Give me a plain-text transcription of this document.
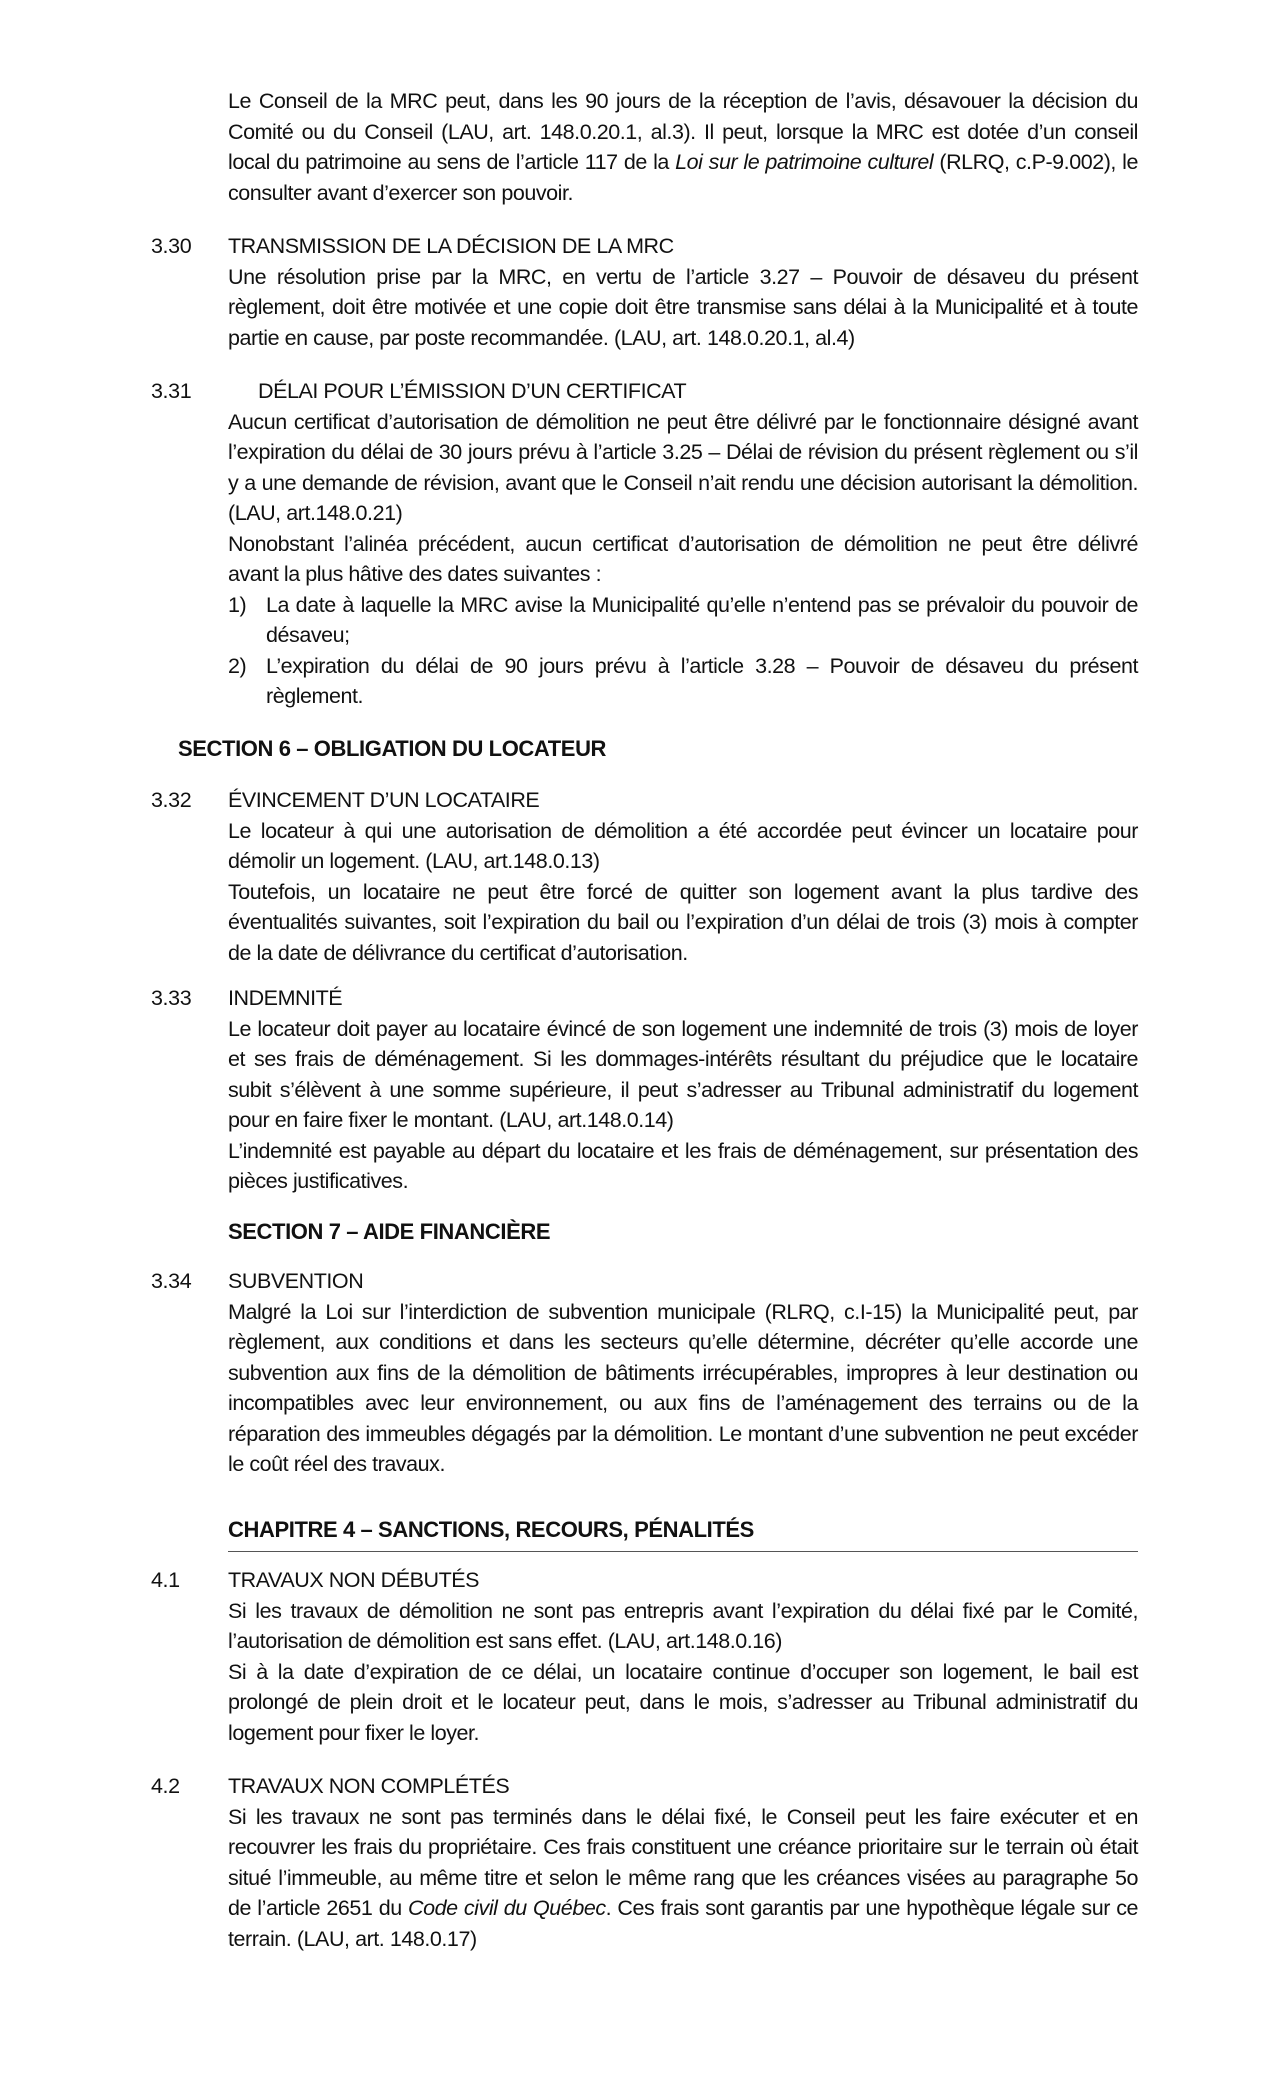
Le Conseil de la MRC peut, dans les 90 jours de la réception de l’avis, désavouer la décision du Comité ou du Conseil (LAU, art. 148.0.20.1, al.3). Il peut, lorsque la MRC est dotée d’un conseil local du patrimoine au sens de l’article 117 de la Loi sur le patrimoine culturel (RLRQ, c.P-9.002), le consulter avant d’exercer son pouvoir.

3.30 TRANSMISSION DE LA DÉCISION DE LA MRC

Une résolution prise par la MRC, en vertu de l’article 3.27 – Pouvoir de désaveu du présent règlement, doit être motivée et une copie doit être transmise sans délai à la Municipalité et à toute partie en cause, par poste recommandée. (LAU, art. 148.0.20.1, al.4)

3.31	DÉLAI POUR L’ÉMISSION D’UN CERTIFICAT

Aucun certificat d’autorisation de démolition ne peut être délivré par le fonctionnaire désigné avant l’expiration du délai de 30 jours prévu à l’article 3.25 – Délai de révision du présent règlement ou s’il y a une demande de révision, avant que le Conseil n’ait rendu une décision autorisant la démolition. (LAU, art.148.0.21)

Nonobstant l’alinéa précédent, aucun certificat d’autorisation de démolition ne peut être délivré avant la plus hâtive des dates suivantes :

1) La date à laquelle la MRC avise la Municipalité qu’elle n’entend pas se prévaloir du pouvoir de désaveu;
2) L’expiration du délai de 90 jours prévu à l’article 3.28 – Pouvoir de désaveu du présent règlement.
SECTION 6 – OBLIGATION DU LOCATEUR
3.32 ÉVINCEMENT D’UN LOCATAIRE

Le locateur à qui une autorisation de démolition a été accordée peut évincer un locataire pour démolir un logement. (LAU, art.148.0.13)

Toutefois, un locataire ne peut être forcé de quitter son logement avant la plus tardive des éventualités suivantes, soit l’expiration du bail ou l’expiration d’un délai de trois (3) mois à compter de la date de délivrance du certificat d’autorisation.

3.33 INDEMNITÉ

Le locateur doit payer au locataire évincé de son logement une indemnité de trois (3) mois de loyer et ses frais de déménagement. Si les dommages-intérêts résultant du préjudice que le locataire subit s’élèvent à une somme supérieure, il peut s’adresser au Tribunal administratif du logement pour en faire fixer le montant. (LAU, art.148.0.14)

L’indemnité est payable au départ du locataire et les frais de déménagement, sur présentation des pièces justificatives.

SECTION 7 – AIDE FINANCIÈRE
3.34 SUBVENTION

Malgré la Loi sur l’interdiction de subvention municipale (RLRQ, c.I-15) la Municipalité peut, par règlement, aux conditions et dans les secteurs qu’elle détermine, décréter qu’elle accorde une subvention aux fins de la démolition de bâtiments irrécupérables, impropres à leur destination ou incompatibles avec leur environnement, ou aux fins de l’aménagement des terrains ou de la réparation des immeubles dégagés par la démolition. Le montant d’une subvention ne peut excéder le coût réel des travaux.

CHAPITRE 4 – SANCTIONS, RECOURS, PÉNALITÉS
4.1 TRAVAUX NON DÉBUTÉS

Si les travaux de démolition ne sont pas entrepris avant l’expiration du délai fixé par le Comité, l’autorisation de démolition est sans effet. (LAU, art.148.0.16)

Si à la date d’expiration de ce délai, un locataire continue d’occuper son logement, le bail est prolongé de plein droit et le locateur peut, dans le mois, s’adresser au Tribunal administratif du logement pour fixer le loyer.

4.2 TRAVAUX NON COMPLÉTÉS

Si les travaux ne sont pas terminés dans le délai fixé, le Conseil peut les faire exécuter et en recouvrer les frais du propriétaire. Ces frais constituent une créance prioritaire sur le terrain où était situé l’immeuble, au même titre et selon le même rang que les créances visées au paragraphe 5o de l’article 2651 du Code civil du Québec. Ces frais sont garantis par une hypothèque légale sur ce terrain. (LAU, art. 148.0.17)
